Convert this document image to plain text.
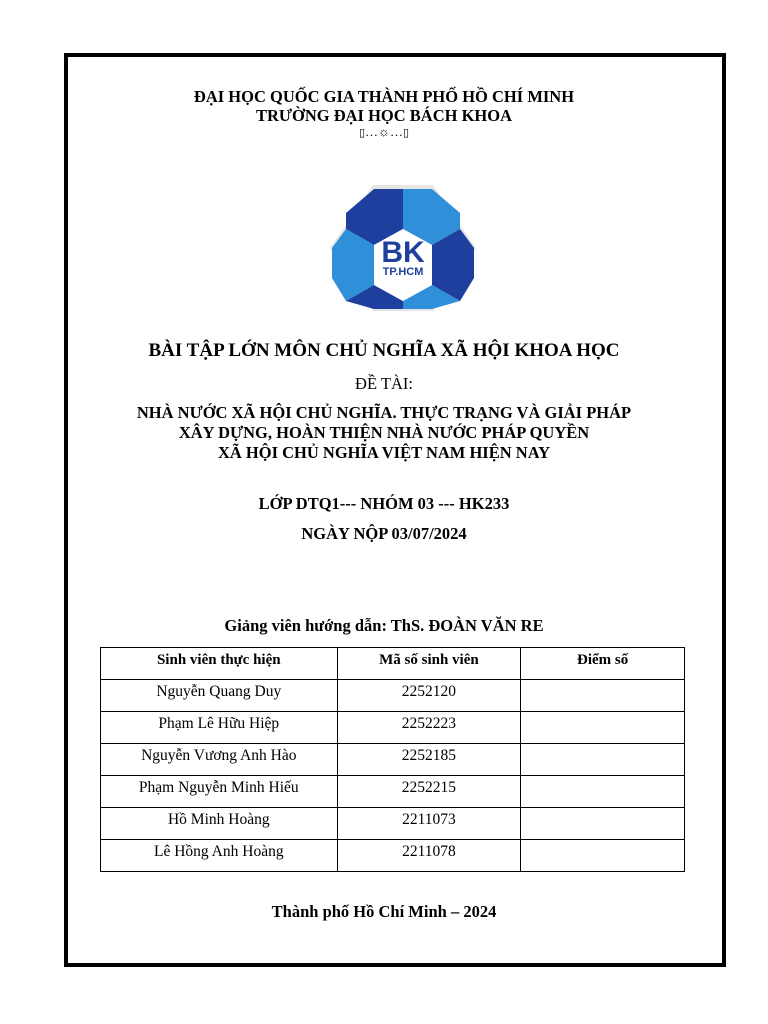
ĐẠI HỌC QUỐC GIA THÀNH PHỐ HỒ CHÍ MINH
TRƯỜNG ĐẠI HỌC BÁCH KHOA
▯…☼…▯
BK
TP.HCM
BÀI TẬP LỚN MÔN CHỦ NGHĨA XÃ HỘI KHOA HỌC
ĐỀ TÀI:
NHÀ NƯỚC XÃ HỘI CHỦ NGHĨA. THỰC TRẠNG VÀ GIẢI PHÁP
XÂY DỰNG, HOÀN THIỆN NHÀ NƯỚC PHÁP QUYỀN
XÃ HỘI CHỦ NGHĨA VIỆT NAM HIỆN NAY
LỚP DTQ1--- NHÓM 03 --- HK233
NGÀY NỘP 03/07/2024
Giảng viên hướng dẫn: ThS. ĐOÀN VĂN RE
Sinh viên thực hiện	Mã số sinh viên	Điểm số
Nguyễn Quang Duy	2252120	
Phạm Lê Hữu Hiệp	2252223	
Nguyễn Vương Anh Hào	2252185	
Phạm Nguyễn Minh Hiếu	2252215	
Hồ Minh Hoàng	2211073	
Lê Hồng Anh Hoàng	2211078	
Thành phố Hồ Chí Minh – 2024
